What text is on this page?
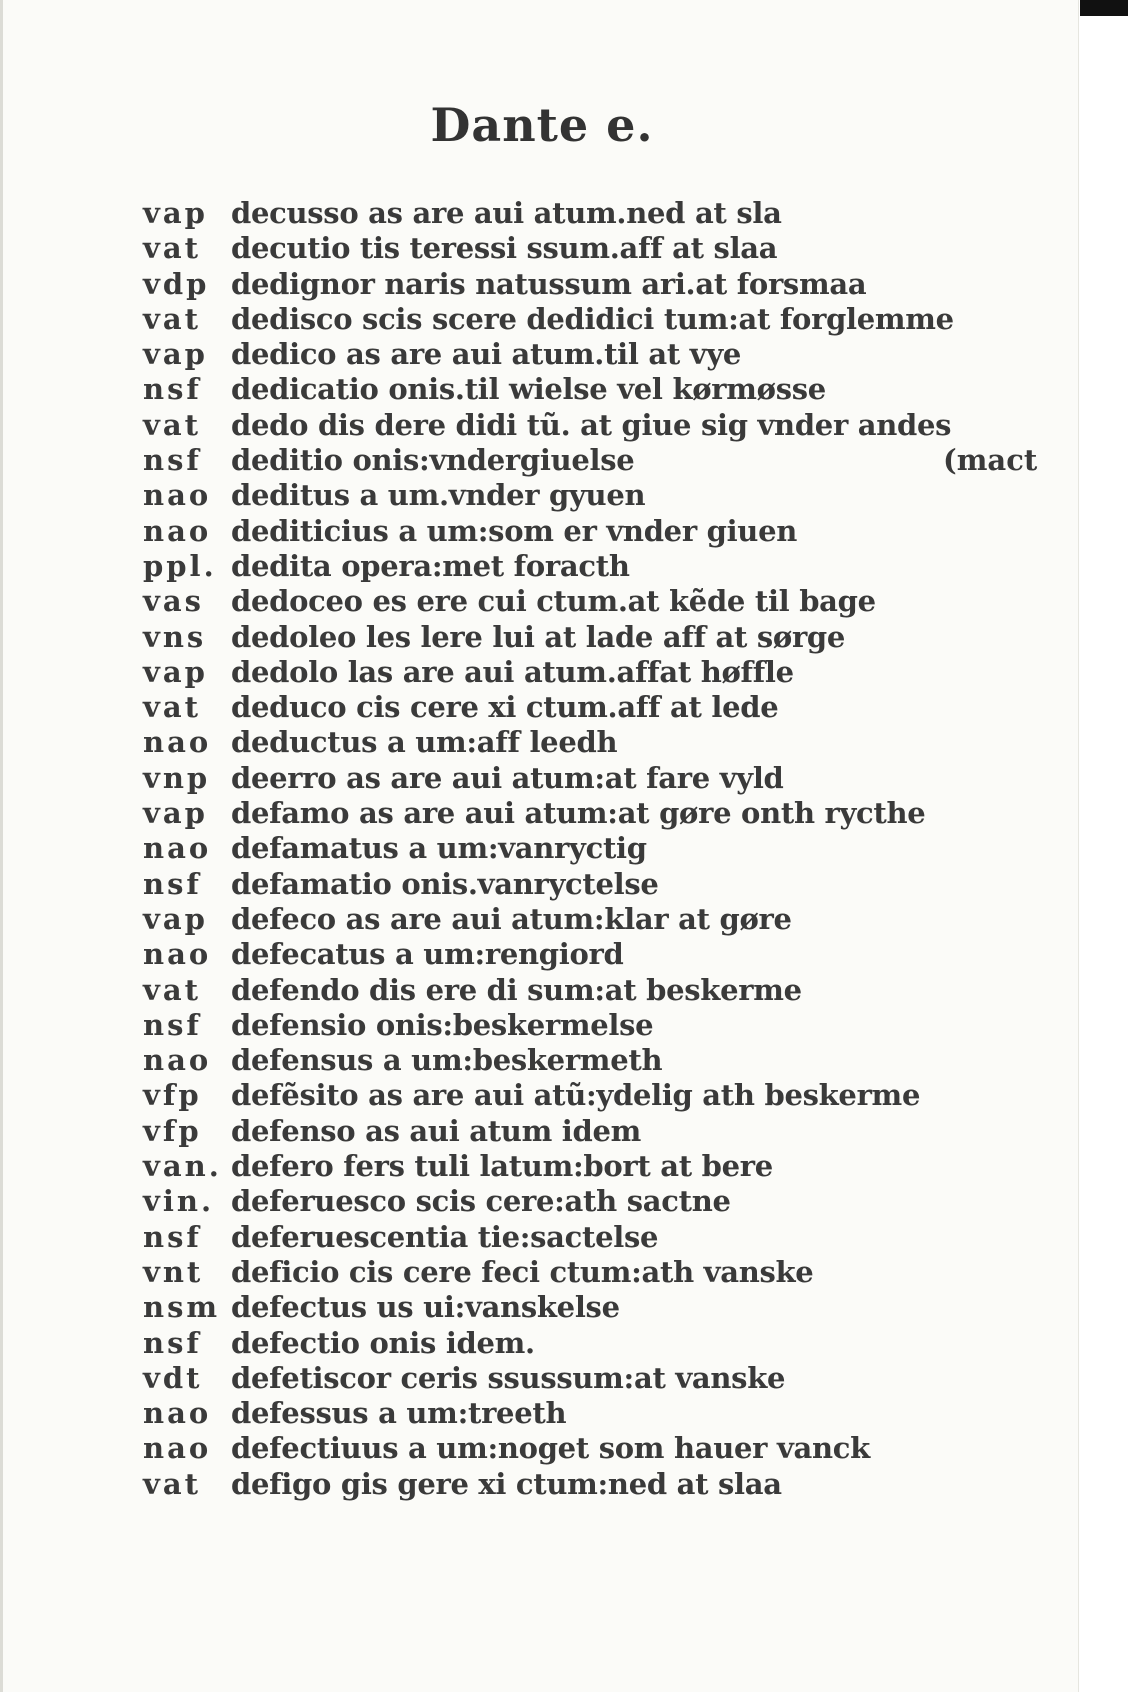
Dante e.
vap decusso as are aui atum.ned at sla
vat	decutio tis teressi ssum.aff at slaa
vdp dedignor naris natussum ari.at forsmaa
vat	dedisco scis scere dedidici tum:at forglemme
vap dedico as are aui atum.til at vye
nsf	dedicatio onis.til wielse vel kørmøsse
vat	dedo dis dere didi tũ. at giue sig vnder andes
nsf	deditio onis:vndergiuelse	(mact
nao deditus a um.vnder gyuen
nao dediticius a um:som er vnder giuen
ppl. dedita opera:met foracth
vas dedoceo es ere cui ctum.at kẽde til bage
vns dedoleo les lere lui at lade aff at sørge
vap dedolo las are aui atum.affat høffle
vat	deduco cis cere xi ctum.aff at lede
nao deductus a um:aff leedh
vnp deerro as are aui atum:at fare vyld
vap defamo as are aui atum:at gøre onth rycthe
nao defamatus a um:vanryctig
nsf	defamatio onis.vanryctelse
vap defeco as are aui atum:klar at gøre
nao defecatus a um:rengiord
vat	defendo dis ere di sum:at beskerme
nsf	defensio onis:beskermelse
nao defensus a um:beskermeth
vfp	defẽsito as are aui atũ:ydelig ath beskerme
vfp	defenso as aui atum idem
van. defero fers tuli latum:bort at bere
vin. deferuesco scis cere:ath sactne
nsf	deferuescentia tie:sactelse
vnt deficio cis cere feci ctum:ath vanske
nsm defectus us ui:vanskelse
nsf	defectio onis idem.
vdt defetiscor ceris ssussum:at vanske
nao defessus a um:treeth
nao defectiuus a um:noget som hauer vanck
vat	defigo gis gere xi ctum:ned at slaa
